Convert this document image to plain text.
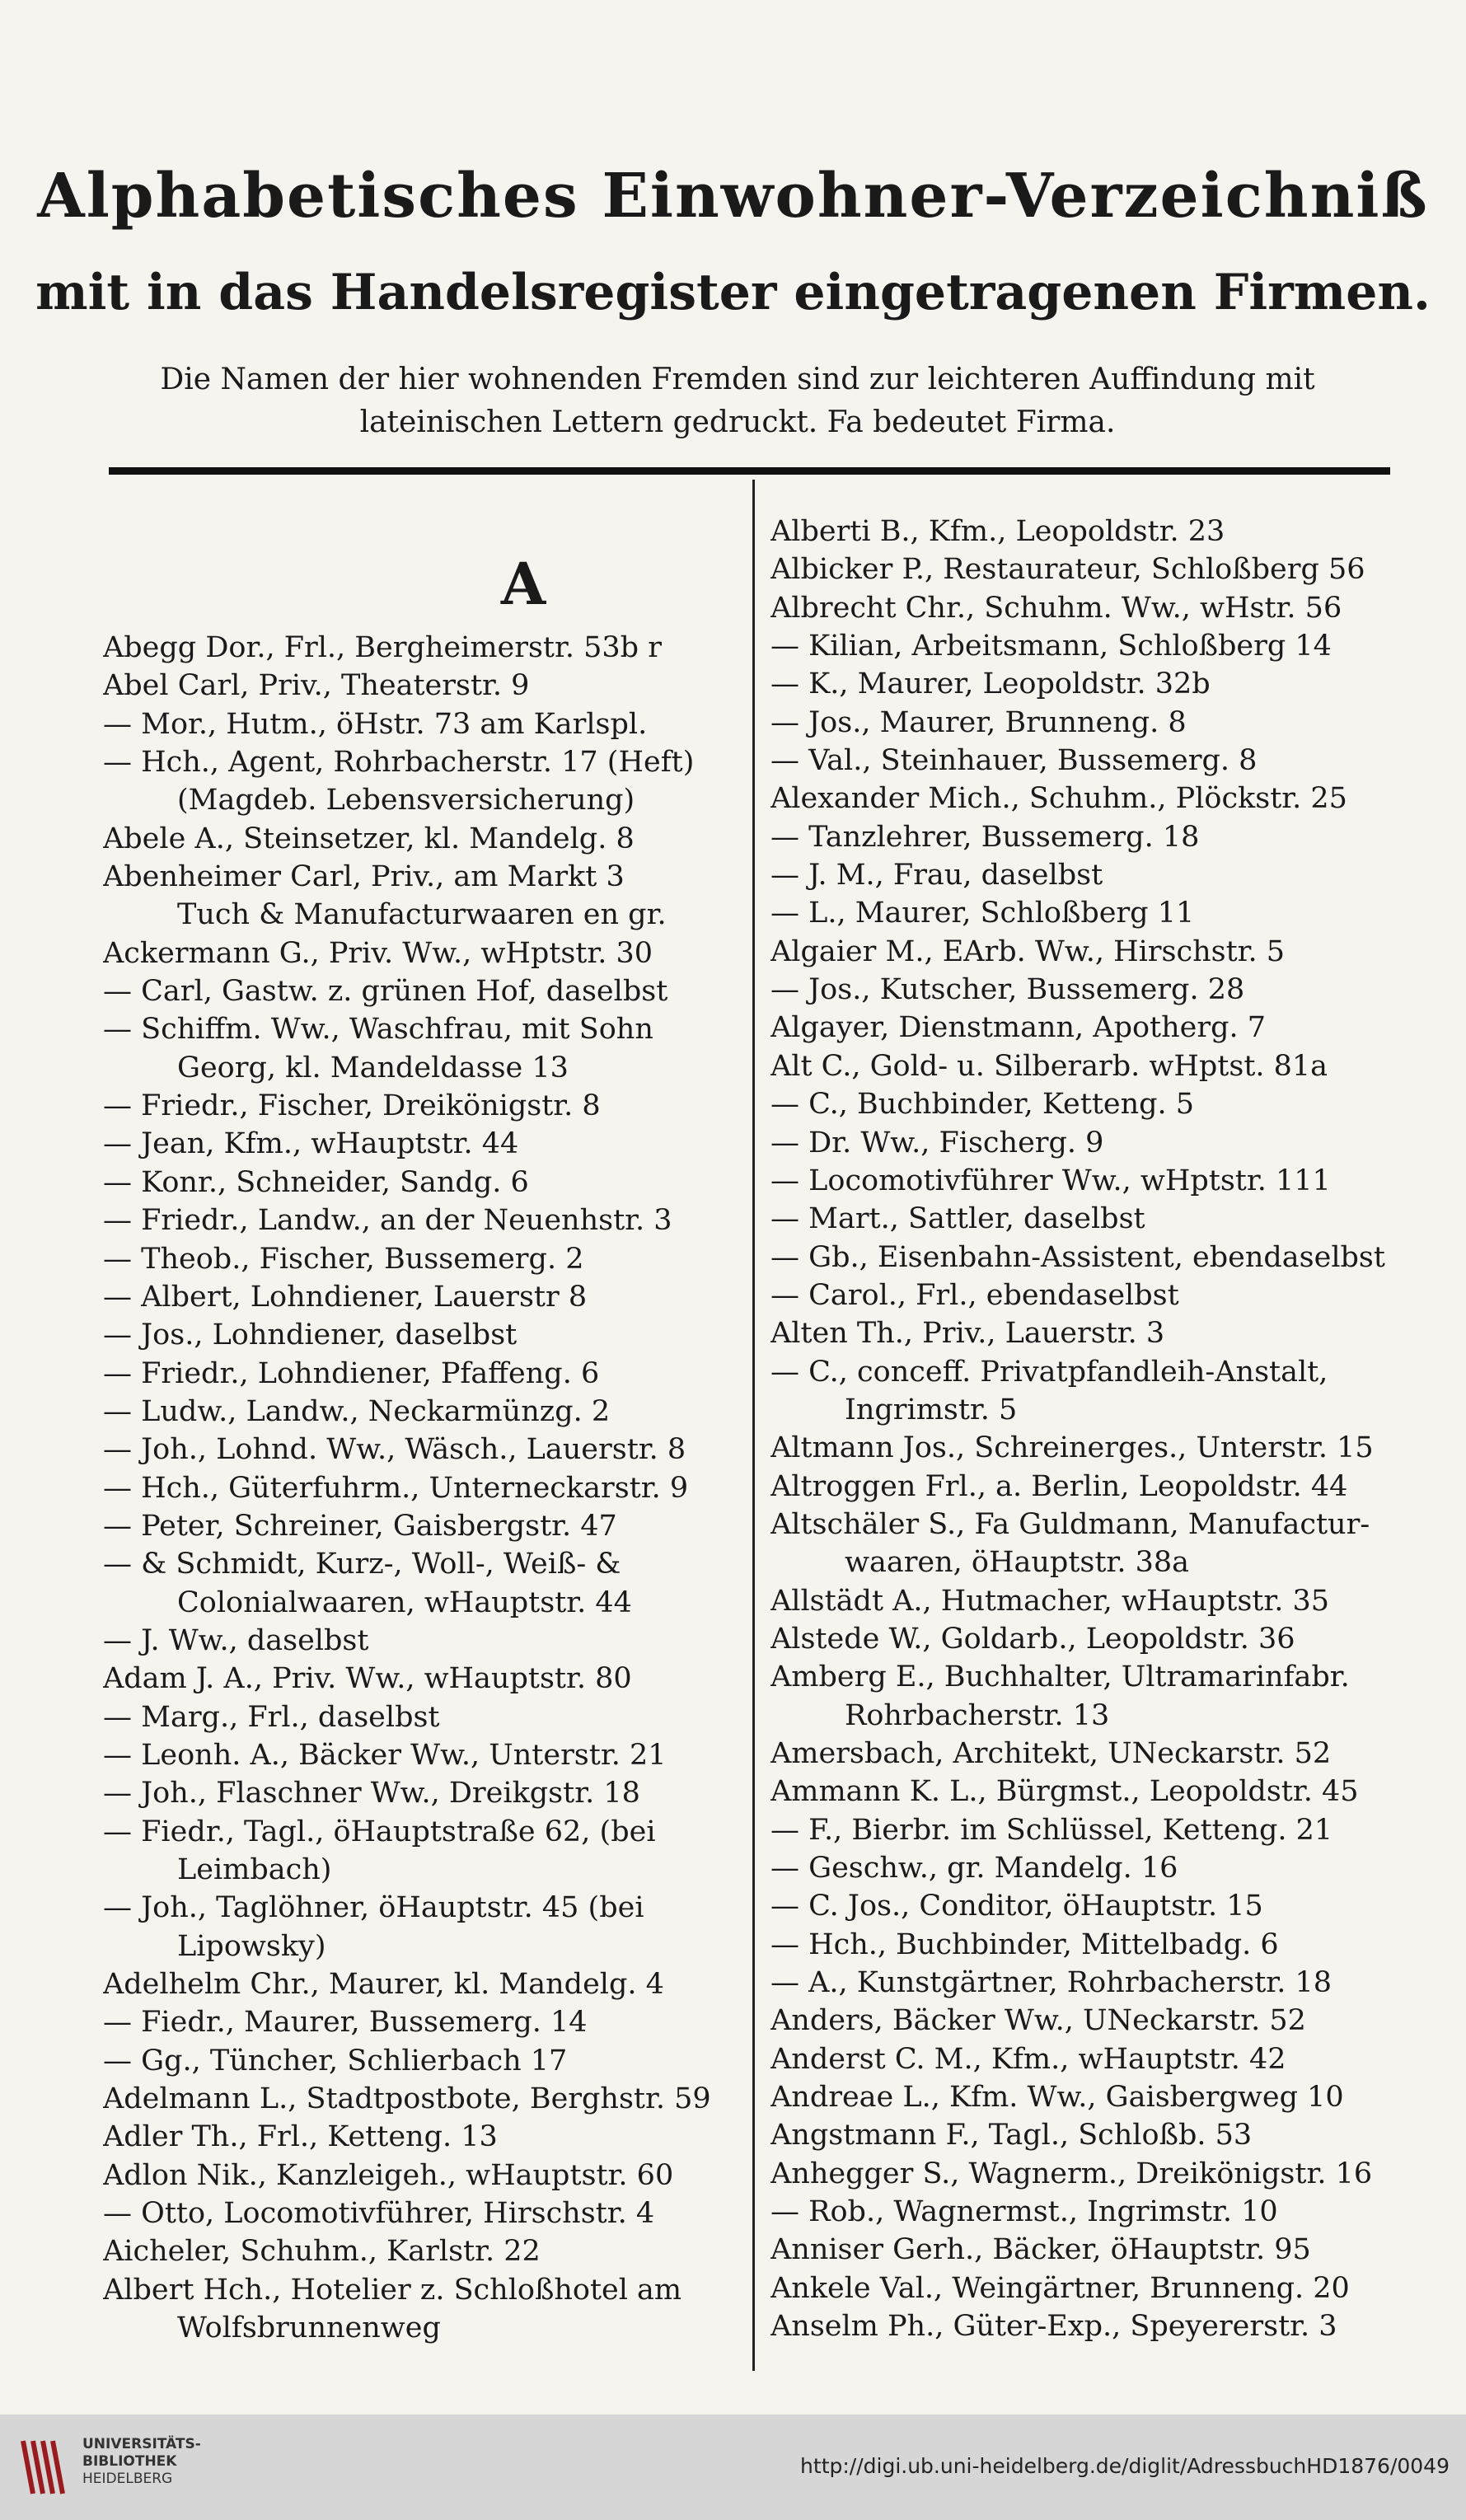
Alphabetisches Einwohner-Verzeichniß
mit in das Handelsregister eingetragenen Firmen.
Die Namen der hier wohnenden Fremden sind zur leichteren Auffindung mit
lateinischen Lettern gedruckt. Fa bedeutet Firma.
A
Abegg Dor., Frl., Bergheimerstr. 53b r
Abel Carl, Priv., Theaterstr. 9
— Mor., Hutm., öHstr. 73 am Karlspl.
— Hch., Agent, Rohrbacherstr. 17 (Heft)
(Magdeb. Lebensversicherung)
Abele A., Steinsetzer, kl. Mandelg. 8
Abenheimer Carl, Priv., am Markt 3
Tuch & Manufacturwaaren en gr.
Ackermann G., Priv. Ww., wHptstr. 30
— Carl, Gastw. z. grünen Hof, daselbst
— Schiffm. Ww., Waschfrau, mit Sohn
Georg, kl. Mandeldasse 13
— Friedr., Fischer, Dreikönigstr. 8
— Jean, Kfm., wHauptstr. 44
— Konr., Schneider, Sandg. 6
— Friedr., Landw., an der Neuenhstr. 3
— Theob., Fischer, Bussemerg. 2
— Albert, Lohndiener, Lauerstr 8
— Jos., Lohndiener, daselbst
— Friedr., Lohndiener, Pfaffeng. 6
— Ludw., Landw., Neckarmünzg. 2
— Joh., Lohnd. Ww., Wäsch., Lauerstr. 8
— Hch., Güterfuhrm., Unterneckarstr. 9
— Peter, Schreiner, Gaisbergstr. 47
— & Schmidt, Kurz-, Woll-, Weiß- &
Colonialwaaren, wHauptstr. 44
— J. Ww., daselbst
Adam J. A., Priv. Ww., wHauptstr. 80
— Marg., Frl., daselbst
— Leonh. A., Bäcker Ww., Unterstr. 21
— Joh., Flaschner Ww., Dreikgstr. 18
— Fiedr., Tagl., öHauptstraße 62, (bei
Leimbach)
— Joh., Taglöhner, öHauptstr. 45 (bei
Lipowsky)
Adelhelm Chr., Maurer, kl. Mandelg. 4
— Fiedr., Maurer, Bussemerg. 14
— Gg., Tüncher, Schlierbach 17
Adelmann L., Stadtpostbote, Berghstr. 59
Adler Th., Frl., Ketteng. 13
Adlon Nik., Kanzleigeh., wHauptstr. 60
— Otto, Locomotivführer, Hirschstr. 4
Aicheler, Schuhm., Karlstr. 22
Albert Hch., Hotelier z. Schloßhotel am
Wolfsbrunnenweg
Alberti B., Kfm., Leopoldstr. 23
Albicker P., Restaurateur, Schloßberg 56
Albrecht Chr., Schuhm. Ww., wHstr. 56
— Kilian, Arbeitsmann, Schloßberg 14
— K., Maurer, Leopoldstr. 32b
— Jos., Maurer, Brunneng. 8
— Val., Steinhauer, Bussemerg. 8
Alexander Mich., Schuhm., Plöckstr. 25
— Tanzlehrer, Bussemerg. 18
— J. M., Frau, daselbst
— L., Maurer, Schloßberg 11
Algaier M., EArb. Ww., Hirschstr. 5
— Jos., Kutscher, Bussemerg. 28
Algayer, Dienstmann, Apotherg. 7
Alt C., Gold- u. Silberarb. wHptst. 81a
— C., Buchbinder, Ketteng. 5
— Dr. Ww., Fischerg. 9
— Locomotivführer Ww., wHptstr. 111
— Mart., Sattler, daselbst
— Gb., Eisenbahn-Assistent, ebendaselbst
— Carol., Frl., ebendaselbst
Alten Th., Priv., Lauerstr. 3
— C., conceff. Privatpfandleih-Anstalt,
Ingrimstr. 5
Altmann Jos., Schreinerges., Unterstr. 15
Altroggen Frl., a. Berlin, Leopoldstr. 44
Altschäler S., Fa Guldmann, Manufactur-
waaren, öHauptstr. 38a
Allstädt A., Hutmacher, wHauptstr. 35
Alstede W., Goldarb., Leopoldstr. 36
Amberg E., Buchhalter, Ultramarinfabr.
Rohrbacherstr. 13
Amersbach, Architekt, UNeckarstr. 52
Ammann K. L., Bürgmst., Leopoldstr. 45
— F., Bierbr. im Schlüssel, Ketteng. 21
— Geschw., gr. Mandelg. 16
— C. Jos., Conditor, öHauptstr. 15
— Hch., Buchbinder, Mittelbadg. 6
— A., Kunstgärtner, Rohrbacherstr. 18
Anders, Bäcker Ww., UNeckarstr. 52
Anderst C. M., Kfm., wHauptstr. 42
Andreae L., Kfm. Ww., Gaisbergweg 10
Angstmann F., Tagl., Schloßb. 53
Anhegger S., Wagnerm., Dreikönigstr. 16
— Rob., Wagnermst., Ingrimstr. 10
Anniser Gerh., Bäcker, öHauptstr. 95
Ankele Val., Weingärtner, Brunneng. 20
Anselm Ph., Güter-Exp., Speyererstr. 3
UNIVERSITÄTS-
BIBLIOTHEK
HEIDELBERG
http://digi.ub.uni-heidelberg.de/diglit/AdressbuchHD1876/0049
